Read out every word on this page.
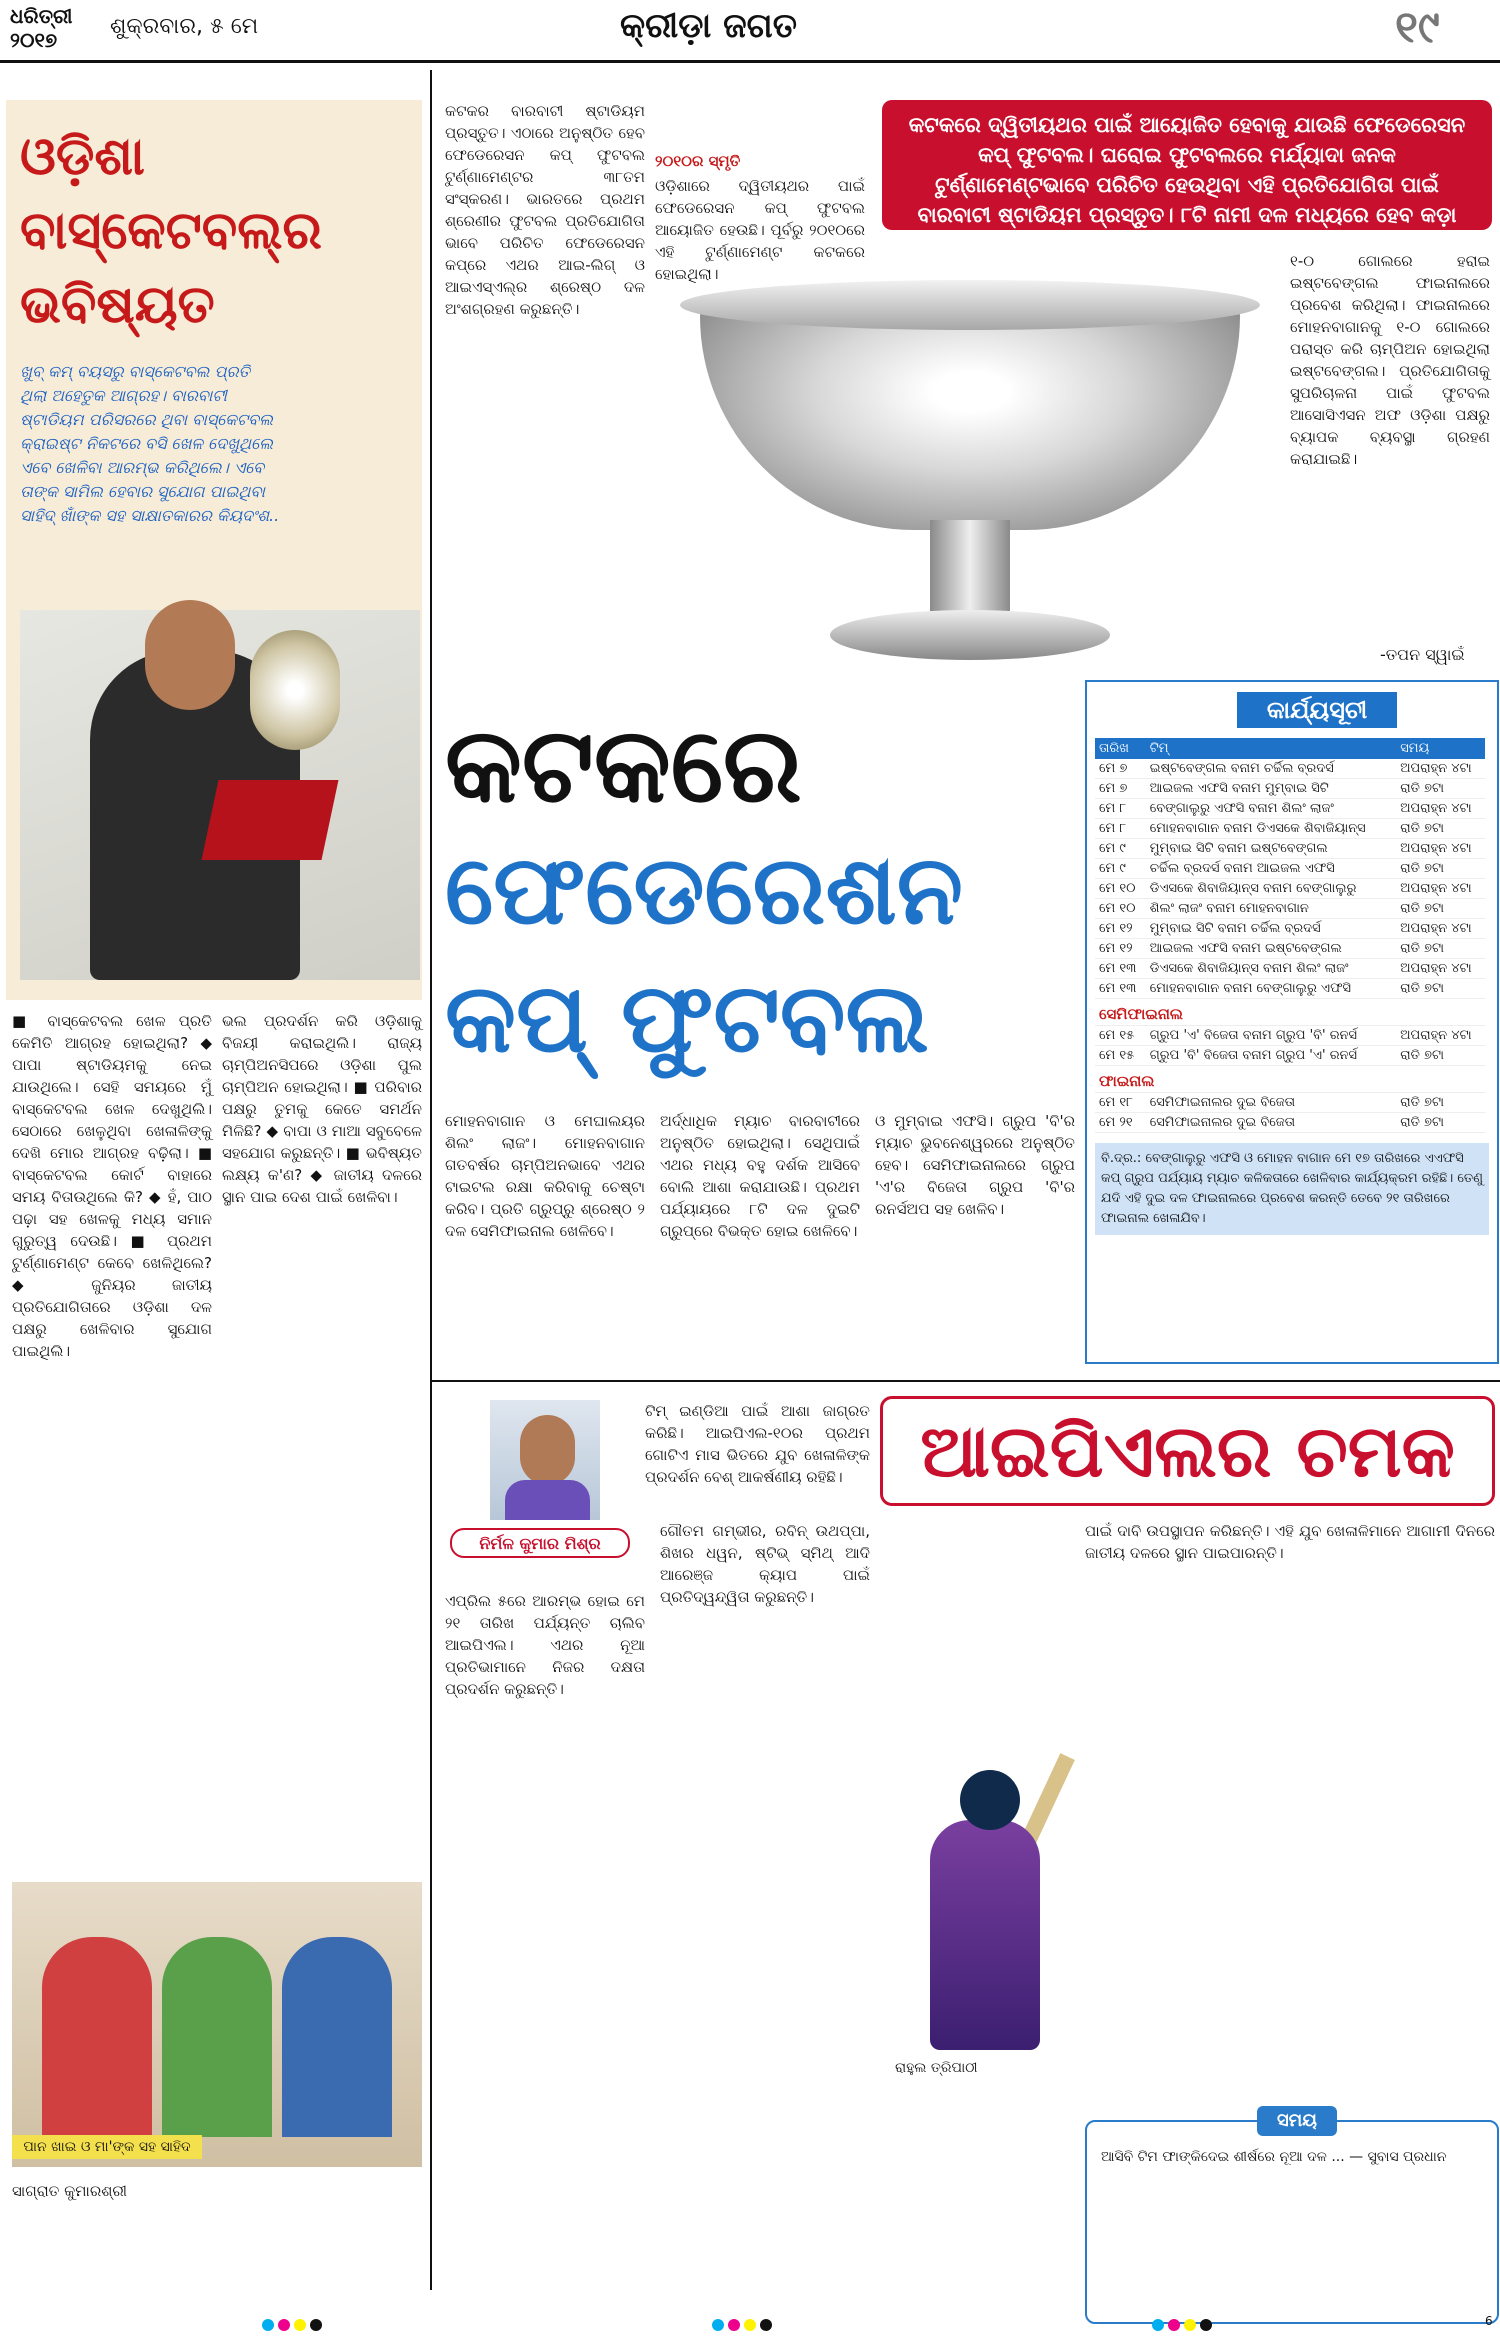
ଧରିତ୍ରୀ
୨୦୧୭
ଶୁକ୍ରବାର, ୫ ମେ	କ୍ରୀଡ଼ା ଜଗତ	୧୯
ଓଡ଼ିଶା
ବାସ୍କେଟବଲ୍‌ର
ଭବିଷ୍ୟତ
ଖୁବ୍ କମ୍ ବୟସରୁ ବାସ୍କେଟବଲ ପ୍ରତି ଥିଲା ଅହେତୁକ ଆଗ୍ରହ। ବାରବାଟୀ ଷ୍ଟାଡିୟମ ପରିସରରେ ଥିବା ବାସ୍କେଟବଲ କ୍ରାଇଷ୍ଟ ନିକଟରେ ବସି ଖେଳ ଦେଖୁଥିଲେ ଏବେ ଖେଳିବା ଆରମ୍ଭ କରିଥିଲେ। ଏବେ ତାଙ୍କ ସାମିଲ ହେବାର ସୁଯୋଗ ପାଇଥିବା ସାହିଦ୍ ଖାଁଙ୍କ ସହ ସାକ୍ଷାତକାରର କିୟଦଂଶ..
■ ବାସ୍କେଟବଲ ଖେଳ ପ୍ରତି କେମିତି ଆଗ୍ରହ ହୋଇଥିଲା? ◆ ପାପା ଷ୍ଟାଡିୟମକୁ ନେଇ ଯାଉଥିଲେ। ସେହି ସମୟରେ ମୁଁ ବାସ୍କେଟବଲ ଖେଳ ଦେଖୁଥିଲି। ସେଠାରେ ଖେଳୁଥିବା ଖେଳାଳିଙ୍କୁ ଦେଖି ମୋର ଆଗ୍ରହ ବଢ଼ିଲା। ■ ବାସ୍କେଟବଲ କୋର୍ଟ ବାହାରେ ସମୟ ବିତାଉଥିଲେ କି? ◆ ହଁ, ପାଠ ପଢ଼ା ସହ ଖେଳକୁ ମଧ୍ୟ ସମାନ ଗୁରୁତ୍ୱ ଦେଉଛି। ■ ପ୍ରଥମ ଟୁର୍ଣ୍ଣାମେଣ୍ଟ କେବେ ଖେଳିଥିଲେ? ◆ ଜୁନିୟର ଜାତୀୟ ପ୍ରତିଯୋଗିତାରେ ଓଡ଼ିଶା ଦଳ ପକ୍ଷରୁ ଖେଳିବାର ସୁଯୋଗ ପାଇଥିଲି।
ଭଲ ପ୍ରଦର୍ଶନ କରି ଓଡ଼ିଶାକୁ ବିଜୟୀ କରାଇଥିଲି। ରାଜ୍ୟ ଚାମ୍ପିଅନସିପରେ ଓଡ଼ିଶା ପୁଲ ଚାମ୍ପିଅନ ହୋଇଥିଲା। ■ ପରିବାର ପକ୍ଷରୁ ତୁମକୁ କେତେ ସମର୍ଥନ ମିଳିଛି? ◆ ବାପା ଓ ମାଆ ସବୁବେଳେ ସହଯୋଗ କରୁଛନ୍ତି। ■ ଭବିଷ୍ୟତ ଲକ୍ଷ୍ୟ କ'ଣ? ◆ ଜାତୀୟ ଦଳରେ ସ୍ଥାନ ପାଇ ଦେଶ ପାଇଁ ଖେଳିବା।
ପାନ ଖାଇ ଓ ମା'ଙ୍କ ସହ ସାହିଦ
ସାଗ୍ରାତ କୁମାରଶ୍ରୀ
କଟକର ବାରବାଟୀ ଷ୍ଟାଡିୟମ ପ୍ରସ୍ତୁତ। ଏଠାରେ ଅନୁଷ୍ଠିତ ହେବ ଫେଡେରେସନ କପ୍ ଫୁଟବଲ ଟୁର୍ଣ୍ଣାମେଣ୍ଟର ୩୮ତମ ସଂସ୍କରଣ। ଭାରତରେ ପ୍ରଥମ ଶ୍ରେଣୀର ଫୁଟବଲ ପ୍ରତିଯୋଗିତା ଭାବେ ପରିଚିତ ଫେଡେରେସନ କପ୍‌ରେ ଏଥର ଆଇ-ଲିଗ୍ ଓ ଆଇଏସ୍ଏଲ୍‌ର ଶ୍ରେଷ୍ଠ ଦଳ ଅଂଶଗ୍ରହଣ କରୁଛନ୍ତି।
୨୦୧୦ର ସ୍ମୃତି
ଓଡ଼ିଶାରେ ଦ୍ୱିତୀୟଥର ପାଇଁ ଫେଡେରେସନ କପ୍ ଫୁଟବଲ ଆୟୋଜିତ ହେଉଛି। ପୂର୍ବରୁ ୨୦୧୦ରେ ଏହି ଟୁର୍ଣ୍ଣାମେଣ୍ଟ କଟକରେ ହୋଇଥିଲା।
କଟକରେ ଦ୍ୱିତୀୟଥର ପାଇଁ ଆୟୋଜିତ ହେବାକୁ ଯାଉଛି ଫେଡେରେସନ କପ୍ ଫୁଟବଲ। ଘରୋଇ ଫୁଟବଲରେ ମର୍ଯ୍ୟାଦା ଜନକ ଟୁର୍ଣ୍ଣାମେଣ୍ଟଭାବେ ପରିଚିତ ହେଉଥିବା ଏହି ପ୍ରତିଯୋଗିତା ପାଇଁ ବାରବାଟୀ ଷ୍ଟାଡିୟମ ପ୍ରସ୍ତୁତ। ୮ଟି ନାମୀ ଦଳ ମଧ୍ୟରେ ହେବ କଡ଼ା ଟକ୍କର।
୧-୦ ଗୋଲରେ ହରାଇ ଇଷ୍ଟବେଙ୍ଗଲ ଫାଇନାଲରେ ପ୍ରବେଶ କରିଥିଲା। ଫାଇନାଲରେ ମୋହନବାଗାନକୁ ୧-୦ ଗୋଲରେ ପରାସ୍ତ କରି ଚାମ୍ପିଅନ ହୋଇଥିଲା ଇଷ୍ଟବେଙ୍ଗଲ। ପ୍ରତିଯୋଗିତାକୁ ସୁପରିଚାଳନା ପାଇଁ ଫୁଟବଲ ଆସୋସିଏସନ ଅଫ ଓଡ଼ିଶା ପକ୍ଷରୁ ବ୍ୟାପକ ବ୍ୟବସ୍ଥା ଗ୍ରହଣ କରାଯାଇଛି।
-ତପନ ସ୍ୱାଇଁ
କଟକରେ
ଫେଡେରେଶନ
କପ୍ ଫୁଟବଲ
ମୋହନବାଗାନ ଓ ମେଘାଲୟର ଶିଲଂ ଲାଜଂ। ମୋହନବାଗାନ ଗତବର୍ଷର ଚାମ୍ପିଅନଭାବେ ଏଥର ଟାଇଟଲ ରକ୍ଷା କରିବାକୁ ଚେଷ୍ଟା କରିବ। ପ୍ରତି ଗ୍ରୁପ୍‌ରୁ ଶ୍ରେଷ୍ଠ ୨ ଦଳ ସେମିଫାଇନାଲ ଖେଳିବେ।
ଅର୍ଦ୍ଧାଧିକ ମ୍ୟାଚ ବାରବାଟୀରେ ଅନୁଷ୍ଠିତ ହୋଇଥିଲା। ସେଥିପାଇଁ ଏଥର ମଧ୍ୟ ବହୁ ଦର୍ଶକ ଆସିବେ ବୋଲି ଆଶା କରାଯାଉଛି। ପ୍ରଥମ ପର୍ଯ୍ୟାୟରେ ୮ଟି ଦଳ ଦୁଇଟି ଗ୍ରୁପ୍‌ରେ ବିଭକ୍ତ ହୋଇ ଖେଳିବେ।
ଓ ମୁମ୍ବାଇ ଏଫସି। ଗ୍ରୁପ 'ବି'ର ମ୍ୟାଚ ଭୁବନେଶ୍ୱରରେ ଅନୁଷ୍ଠିତ ହେବ। ସେମିଫାଇନାଲରେ ଗ୍ରୁପ 'ଏ'ର ବିଜେତା ଗ୍ରୁପ 'ବି'ର ରନର୍ସଅପ ସହ ଖେଳିବ।
କାର୍ଯ୍ୟସୂଚୀ
ତାରିଖ	ଟିମ୍	ସମୟ
ମେ ୭	ଇଷ୍ଟବେଙ୍ଗଲ ବନାମ ଚର୍ଚ୍ଚିଲ ବ୍ରଦର୍ସ	ଅପରାହ୍ନ ୪ଟା
ମେ ୭	ଆଇଜଲ ଏଫସି ବନାମ ମୁମ୍ବାଇ ସିଟି	ରାତି ୭ଟା
ମେ ୮	ବେଙ୍ଗାଲୁରୁ ଏଫସି ବନାମ ଶିଲଂ ଲାଜଂ	ଅପରାହ୍ନ ୪ଟା
ମେ ୮	ମୋହନବାଗାନ ବନାମ ଡିଏସକେ ଶିବାଜିୟାନ୍ସ	ରାତି ୭ଟା
ମେ ୯	ମୁମ୍ବାଇ ସିଟି ବନାମ ଇଷ୍ଟବେଙ୍ଗଲ	ଅପରାହ୍ନ ୪ଟା
ମେ ୯	ଚର୍ଚ୍ଚିଲ ବ୍ରଦର୍ସ ବନାମ ଆଇଜଲ ଏଫସି	ରାତି ୭ଟା
ମେ ୧୦	ଡିଏସକେ ଶିବାଜିୟାନ୍ସ ବନାମ ବେଙ୍ଗାଲୁରୁ	ଅପରାହ୍ନ ୪ଟା
ମେ ୧୦	ଶିଲଂ ଲାଜଂ ବନାମ ମୋହନବାଗାନ	ରାତି ୭ଟା
ମେ ୧୨	ମୁମ୍ବାଇ ସିଟି ବନାମ ଚର୍ଚ୍ଚିଲ ବ୍ରଦର୍ସ	ଅପରାହ୍ନ ୪ଟା
ମେ ୧୨	ଆଇଜଲ ଏଫସି ବନାମ ଇଷ୍ଟବେଙ୍ଗଲ	ରାତି ୭ଟା
ମେ ୧୩	ଡିଏସକେ ଶିବାଜିୟାନ୍ସ ବନାମ ଶିଲଂ ଲାଜଂ	ଅପରାହ୍ନ ୪ଟା
ମେ ୧୩	ମୋହନବାଗାନ ବନାମ ବେଙ୍ଗାଲୁରୁ ଏଫସି	ରାତି ୭ଟା
ସେମିଫାଇନାଲ		
ମେ ୧୫	ଗ୍ରୁପ 'ଏ' ବିଜେତା ବନାମ ଗ୍ରୁପ 'ବି' ରନର୍ସ	ଅପରାହ୍ନ ୪ଟା
ମେ ୧୫	ଗ୍ରୁପ 'ବି' ବିଜେତା ବନାମ ଗ୍ରୁପ 'ଏ' ରନର୍ସ	ରାତି ୭ଟା
ଫାଇନାଲ		
ମେ ୧୮	ସେମିଫାଇନାଲର ଦୁଇ ବିଜେତା	ରାତି ୭ଟା
ମେ ୨୧	ସେମିଫାଇନାଲର ଦୁଇ ବିଜେତା	ରାତି ୭ଟା
ବି.ଦ୍ର.: ବେଙ୍ଗାଲୁରୁ ଏଫସି ଓ ମୋହନ ବାଗାନ ମେ ୧୭ ତାରିଖରେ ଏଏଫସି କପ୍ ଗ୍ରୁପ ପର୍ଯ୍ୟାୟ ମ୍ୟାଚ କଳିକତାରେ ଖେଳିବାର କାର୍ଯ୍ୟକ୍ରମ ରହିଛି। ତେଣୁ ଯଦି ଏହି ଦୁଇ ଦଳ ଫାଇନାଲରେ ପ୍ରବେଶ କରନ୍ତି ତେବେ ୨୧ ତାରିଖରେ ଫାଇନାଲ ଖେଳାଯିବ।
ନିର୍ମଳ କୁମାର ମିଶ୍ର
ଟିମ୍ ଇଣ୍ଡିଆ ପାଇଁ ଆଶା ଜାଗ୍ରତ କରିଛି। ଆଇପିଏଲ-୧୦ର ପ୍ରଥମ ଗୋଟିଏ ମାସ ଭିତରେ ଯୁବ ଖେଳାଳିଙ୍କ ପ୍ରଦର୍ଶନ ବେଶ୍ ଆକର୍ଷଣୀୟ ରହିଛି।	ଆଇପିଏଲର ଚମକ
ଏପ୍ରିଲ ୫ରେ ଆରମ୍ଭ ହୋଇ ମେ ୨୧ ତାରିଖ ପର୍ଯ୍ୟନ୍ତ ଚାଲିବ ଆଇପିଏଲ। ଏଥର ନୂଆ ପ୍ରତିଭାମାନେ ନିଜର ଦକ୍ଷତା ପ୍ରଦର୍ଶନ କରୁଛନ୍ତି।
ଗୌତମ ଗମ୍ଭୀର, ରବିନ୍ ଉଥପ୍ପା, ଶିଖର ଧୱନ, ଷ୍ଟିଭ୍ ସ୍ମିଥ୍ ଆଦି ଆରେଞ୍ଜ କ୍ୟାପ ପାଇଁ ପ୍ରତିଦ୍ୱନ୍ଦ୍ୱିତା କରୁଛନ୍ତି।
ରାହୁଲ ତ୍ରିପାଠୀ
ପାଇଁ ଦାବି ଉପସ୍ଥାପନ କରିଛନ୍ତି। ଏହି ଯୁବ ଖେଳାଳିମାନେ ଆଗାମୀ ଦିନରେ ଜାତୀୟ ଦଳରେ ସ୍ଥାନ ପାଇପାରନ୍ତି।
ସମୟ
ଆସିବି ଟିମ ଫାଙ୍କିଦେଇ ଶୀର୍ଷରେ ନୂଆ ଦଳ ... — ସୁବାସ ପ୍ରଧାନ
6
